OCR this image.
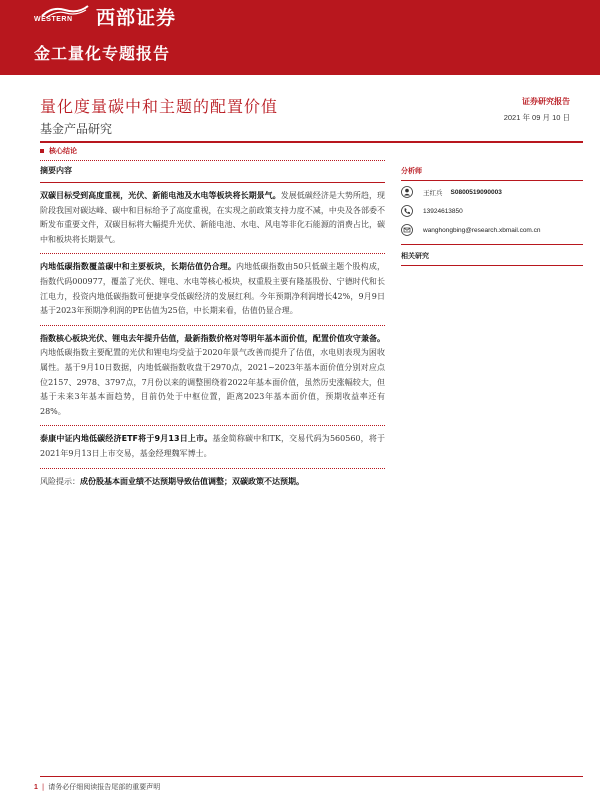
WESTERN 西部证券
金工量化专题报告
量化度量碳中和主题的配置价值
基金产品研究
证券研究报告
2021 年 09 月 10 日
核心结论
摘要内容

双碳目标受到高度重视，光伏、新能电池及水电等板块将长期景气。发展低碳经济是大势所趋，现阶段我国对碳达峰、碳中和目标给予了高度重视，在实现之前政策支持力度不减，中央及各部委不断发布重要文件，双碳目标将大幅提升光伏、新能电池、水电、风电等非化石能源的消费占比，碳中和板块将长期景气。

内地低碳指数覆盖碳中和主要板块，长期估值仍合理。内地低碳指数由50只低碳主题个股构成，指数代码000977，覆盖了光伏、锂电、水电等核心板块，权重股主要有隆基股份、宁德时代和长江电力，投资内地低碳指数可便捷享受低碳经济的发展红利。今年预期净利润增长42%，9月9日基于2023年预期净利润的PE估值为25倍，中长期来看，估值仍显合理。

指数核心板块光伏、锂电去年提升估值，最新指数价格对等明年基本面价值，配置价值攻守兼备。内地低碳指数主要配置的光伏和锂电均受益于2020年景气改善而提升了估值，水电则表现为困收属性。基于9月10日数据，内地低碳指数收盘于2970点，2021~2023年基本面价值分别对应点位2157、2978、3797点，7月份以来的调整围绕着2022年基本面价值，虽然历史涨幅较大，但基于未来3年基本面趋势，目前仍处于中枢位置，距离2023年基本面价值，预期收益率还有28%。

泰康中证内地低碳经济ETF将于9月13日上市。基金简称碳中和TK，交易代码为560560，将于2021年9月13日上市交易，基金经理魏军博士。

风险提示：成份股基本面业绩不达预期导致估值调整；双碳政策不达预期。

分析师
王红兵 S0800519090003
13924613850
wanghongbing@research.xbmail.com.cn
相关研究
1 | 请务必仔细阅读报告尾部的重要声明
